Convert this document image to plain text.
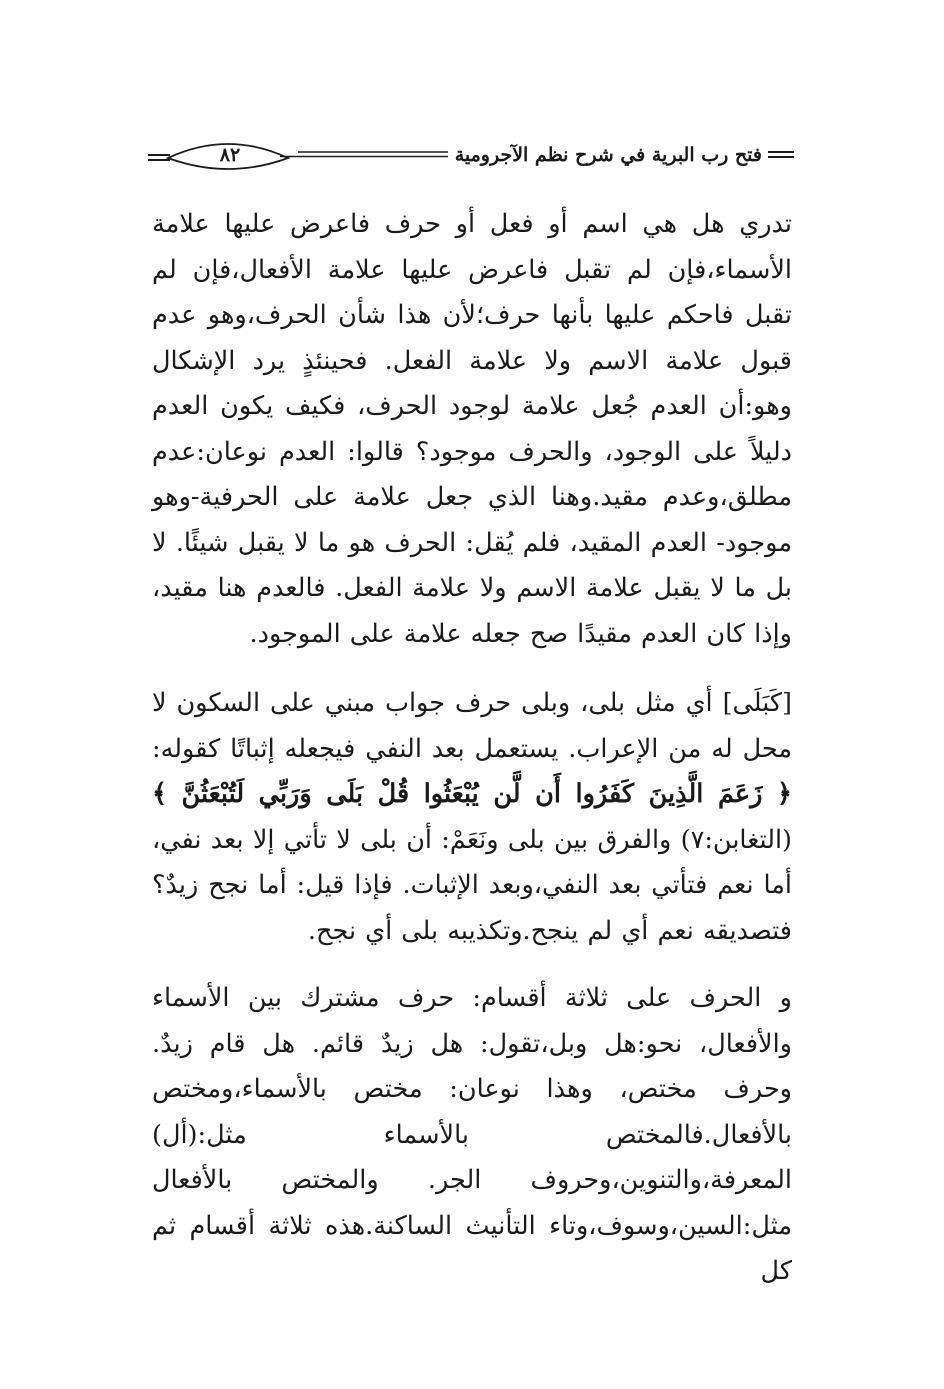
فتح رب البرية في شرح نظم الآجرومية
٨٢

تدري هل هي اسم أو فعل أو حرف فاعرض عليها علامة الأسماء،فإن لم تقبل فاعرض عليها علامة الأفعال،فإن لم تقبل فاحكم عليها بأنها حرف؛لأن هذا شأن الحرف،وهو عدم قبول علامة الاسم ولا علامة الفعل. فحينئذٍ يرد الإشكال وهو:أن العدم جُعل علامة لوجود الحرف، فكيف يكون العدم دليلاً على الوجود، والحرف موجود؟ قالوا: العدم نوعان:عدم مطلق،وعدم مقيد.وهنا الذي جعل علامة على الحرفية-وهو موجود- العدم المقيد، فلم يُقل: الحرف هو ما لا يقبل شيئًا. لا بل ما لا يقبل علامة الاسم ولا علامة الفعل. فالعدم هنا مقيد، وإذا كان العدم مقيدًا صح جعله علامة على الموجود.

[كَبَلَى] أي مثل بلى، وبلى حرف جواب مبني على السكون لا محل له من الإعراب. يستعمل بعد النفي فيجعله إثباتًا كقوله: ﴿ زَعَمَ الَّذِينَ كَفَرُوا أَن لَّن يُبْعَثُوا قُلْ بَلَى وَرَبِّي لَتُبْعَثُنَّ ﴾ (التغابن:٧) والفرق بين بلى ونَعَمْ: أن بلى لا تأتي إلا بعد نفي، أما نعم فتأتي بعد النفي،وبعد الإثبات. فإذا قيل: أما نجح زيدٌ؟ فتصديقه نعم أي لم ينجح.وتكذيبه بلى أي نجح.

و الحرف على ثلاثة أقسام: حرف مشترك بين الأسماء والأفعال، نحو:هل وبل،تقول: هل زيدٌ قائم. هل قام زيدٌ. وحرف مختص، وهذا نوعان: مختص بالأسماء،ومختص بالأفعال.فالمختص بالأسماء مثل:(أل) المعرفة،والتنوين،وحروف الجر. والمختص بالأفعال مثل:السين،وسوف،وتاء التأنيث الساكنة.هذه ثلاثة أقسام ثم كل
